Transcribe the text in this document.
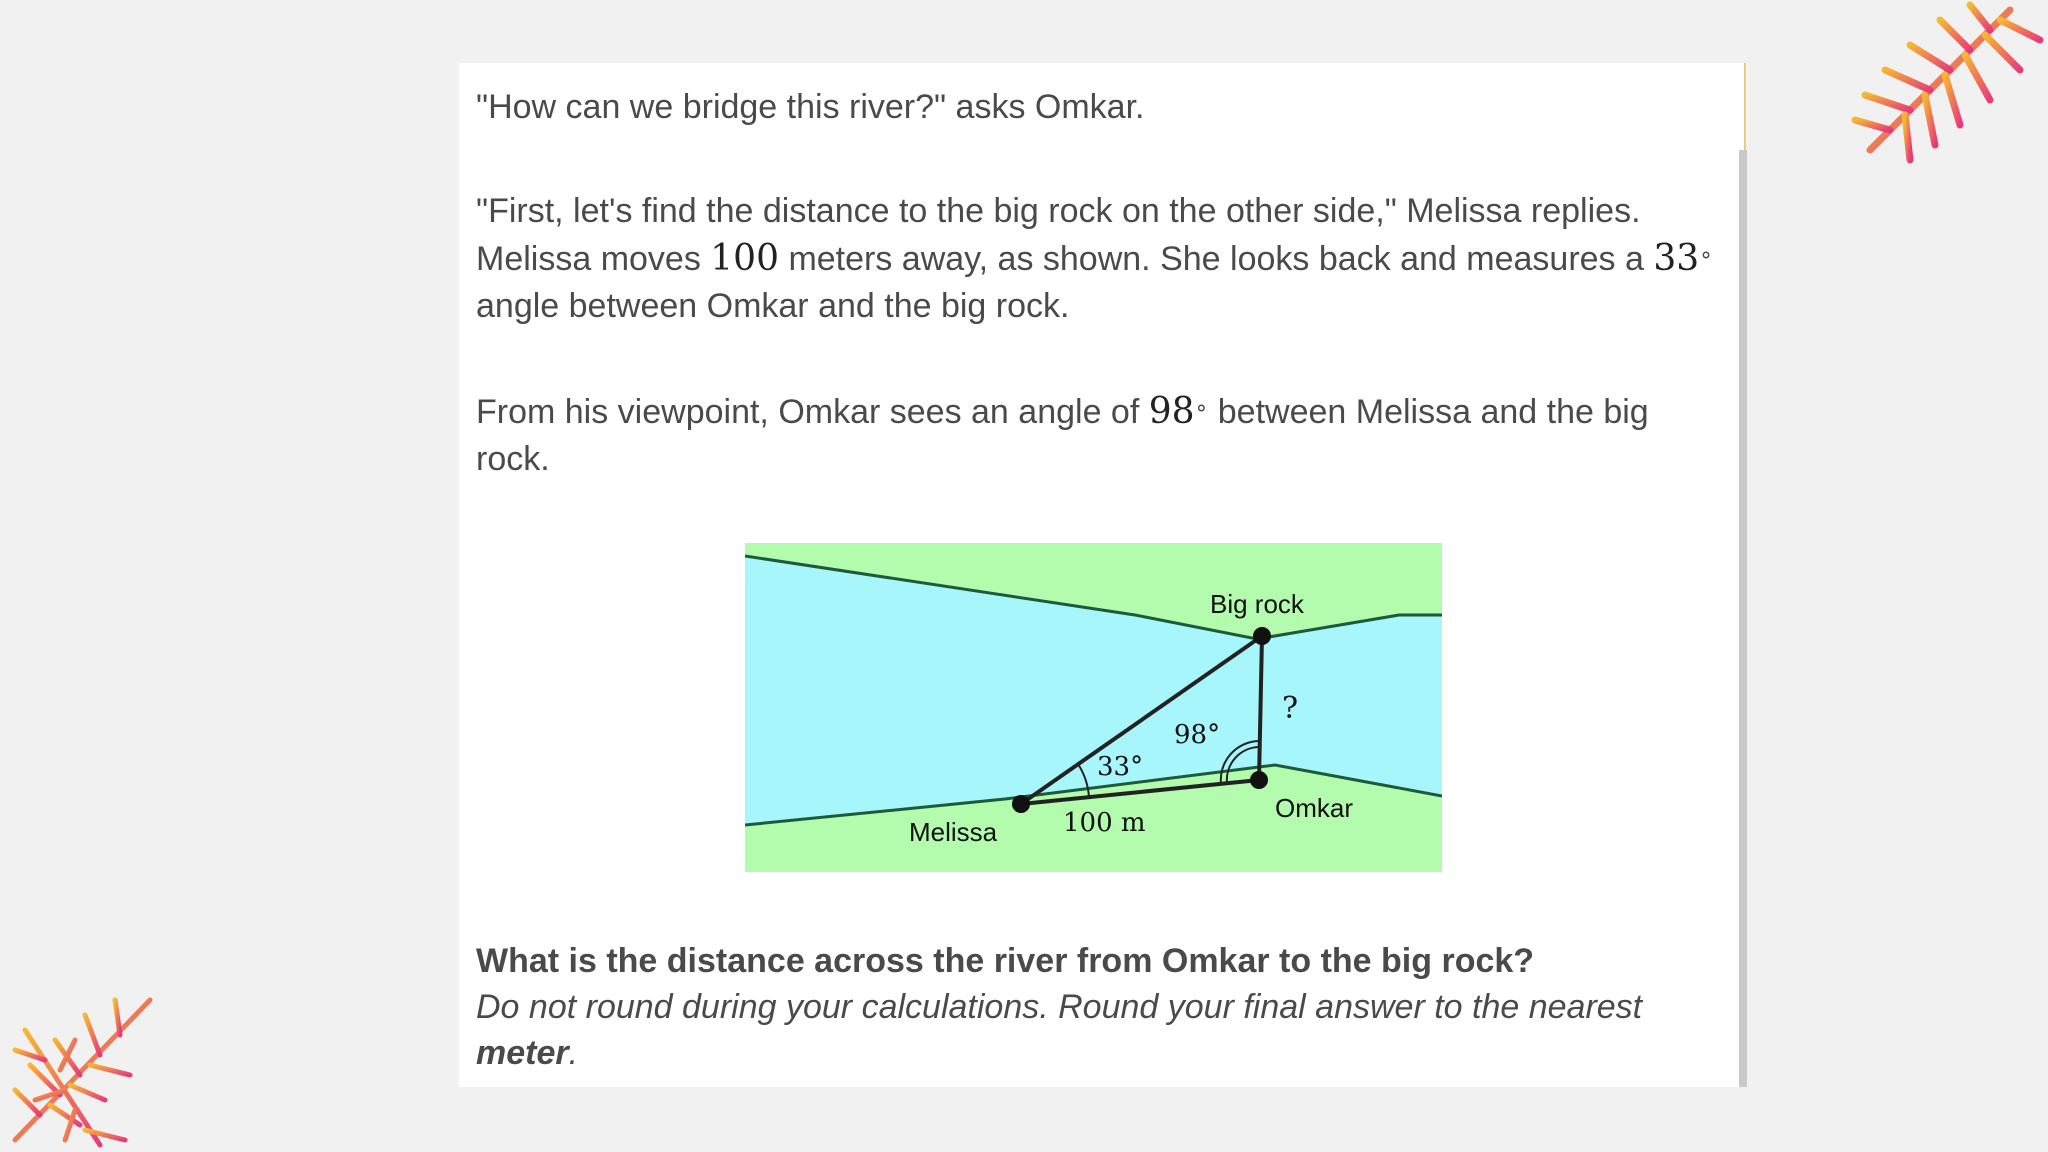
"How can we bridge this river?" asks Omkar.
"First, let's find the distance to the big rock on the other side," Melissa replies. Melissa moves 100 meters away, as shown. She looks back and measures a 33∘ angle between Omkar and the big rock.
From his viewpoint, Omkar sees an angle of 98∘ between Melissa and the big rock.
Big rock
?
98°
33°
Omkar
100 m
Melissa
What is the distance across the river from Omkar to the big rock?
Do not round during your calculations. Round your final answer to the nearest meter.
